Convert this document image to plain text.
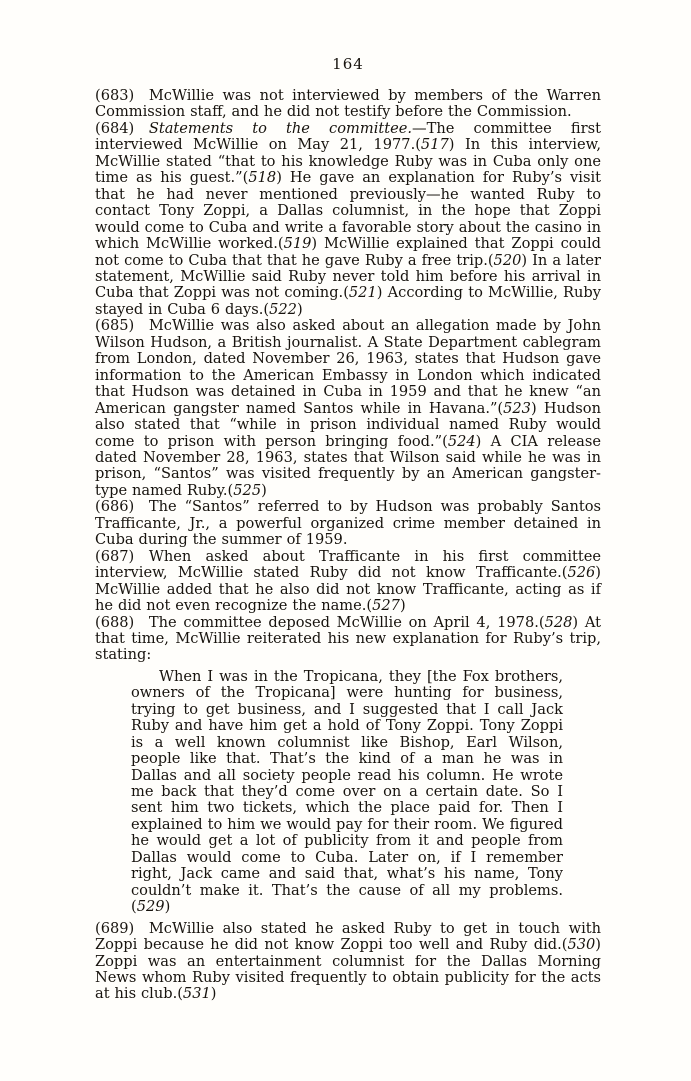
164

(683) McWillie was not interviewed by members of the Warren Commission staff, and he did not testify before the Commission.

(684) Statements to the committee.—The committee first interviewed McWillie on May 21, 1977.(517) In this interview, McWillie stated “that to his knowledge Ruby was in Cuba only one time as his guest.”(518) He gave an explanation for Ruby’s visit that he had never mentioned previously—he wanted Ruby to contact Tony Zoppi, a Dallas columnist, in the hope that Zoppi would come to Cuba and write a favorable story about the casino in which McWillie worked.(519) McWillie explained that Zoppi could not come to Cuba that that he gave Ruby a free trip.(520) In a later statement, McWillie said Ruby never told him before his arrival in Cuba that Zoppi was not coming.(521) According to McWillie, Ruby stayed in Cuba 6 days.(522)

(685) McWillie was also asked about an allegation made by John Wilson Hudson, a British journalist. A State Department cablegram from London, dated November 26, 1963, states that Hudson gave information to the American Embassy in London which indicated that Hudson was detained in Cuba in 1959 and that he knew “an American gangster named Santos while in Havana.”(523) Hudson also stated that “while in prison individual named Ruby would come to prison with person bringing food.”(524) A CIA release dated November 28, 1963, states that Wilson said while he was in prison, “Santos” was visited frequently by an American gangster-type named Ruby.(525)

(686) The “Santos” referred to by Hudson was probably Santos Trafficante, Jr., a powerful organized crime member detained in Cuba during the summer of 1959.

(687) When asked about Trafficante in his first committee interview, McWillie stated Ruby did not know Trafficante.(526) McWillie added that he also did not know Trafficante, acting as if he did not even recognize the name.(527)

(688) The committee deposed McWillie on April 4, 1978.(528) At that time, McWillie reiterated his new explanation for Ruby’s trip, stating:

When I was in the Tropicana, they [the Fox brothers, owners of the Tropicana] were hunting for business, trying to get business, and I suggested that I call Jack Ruby and have him get a hold of Tony Zoppi. Tony Zoppi is a well known columnist like Bishop, Earl Wilson, people like that. That’s the kind of a man he was in Dallas and all society people read his column. He wrote me back that they’d come over on a certain date. So I sent him two tickets, which the place paid for. Then I explained to him we would pay for their room. We figured he would get a lot of publicity from it and people from Dallas would come to Cuba. Later on, if I remember right, Jack came and said that, what’s his name, Tony couldn’t make it. That’s the cause of all my problems.(529)

(689) McWillie also stated he asked Ruby to get in touch with Zoppi because he did not know Zoppi too well and Ruby did.(530) Zoppi was an entertainment columnist for the Dallas Morning News whom Ruby visited frequently to obtain publicity for the acts at his club.(531)
